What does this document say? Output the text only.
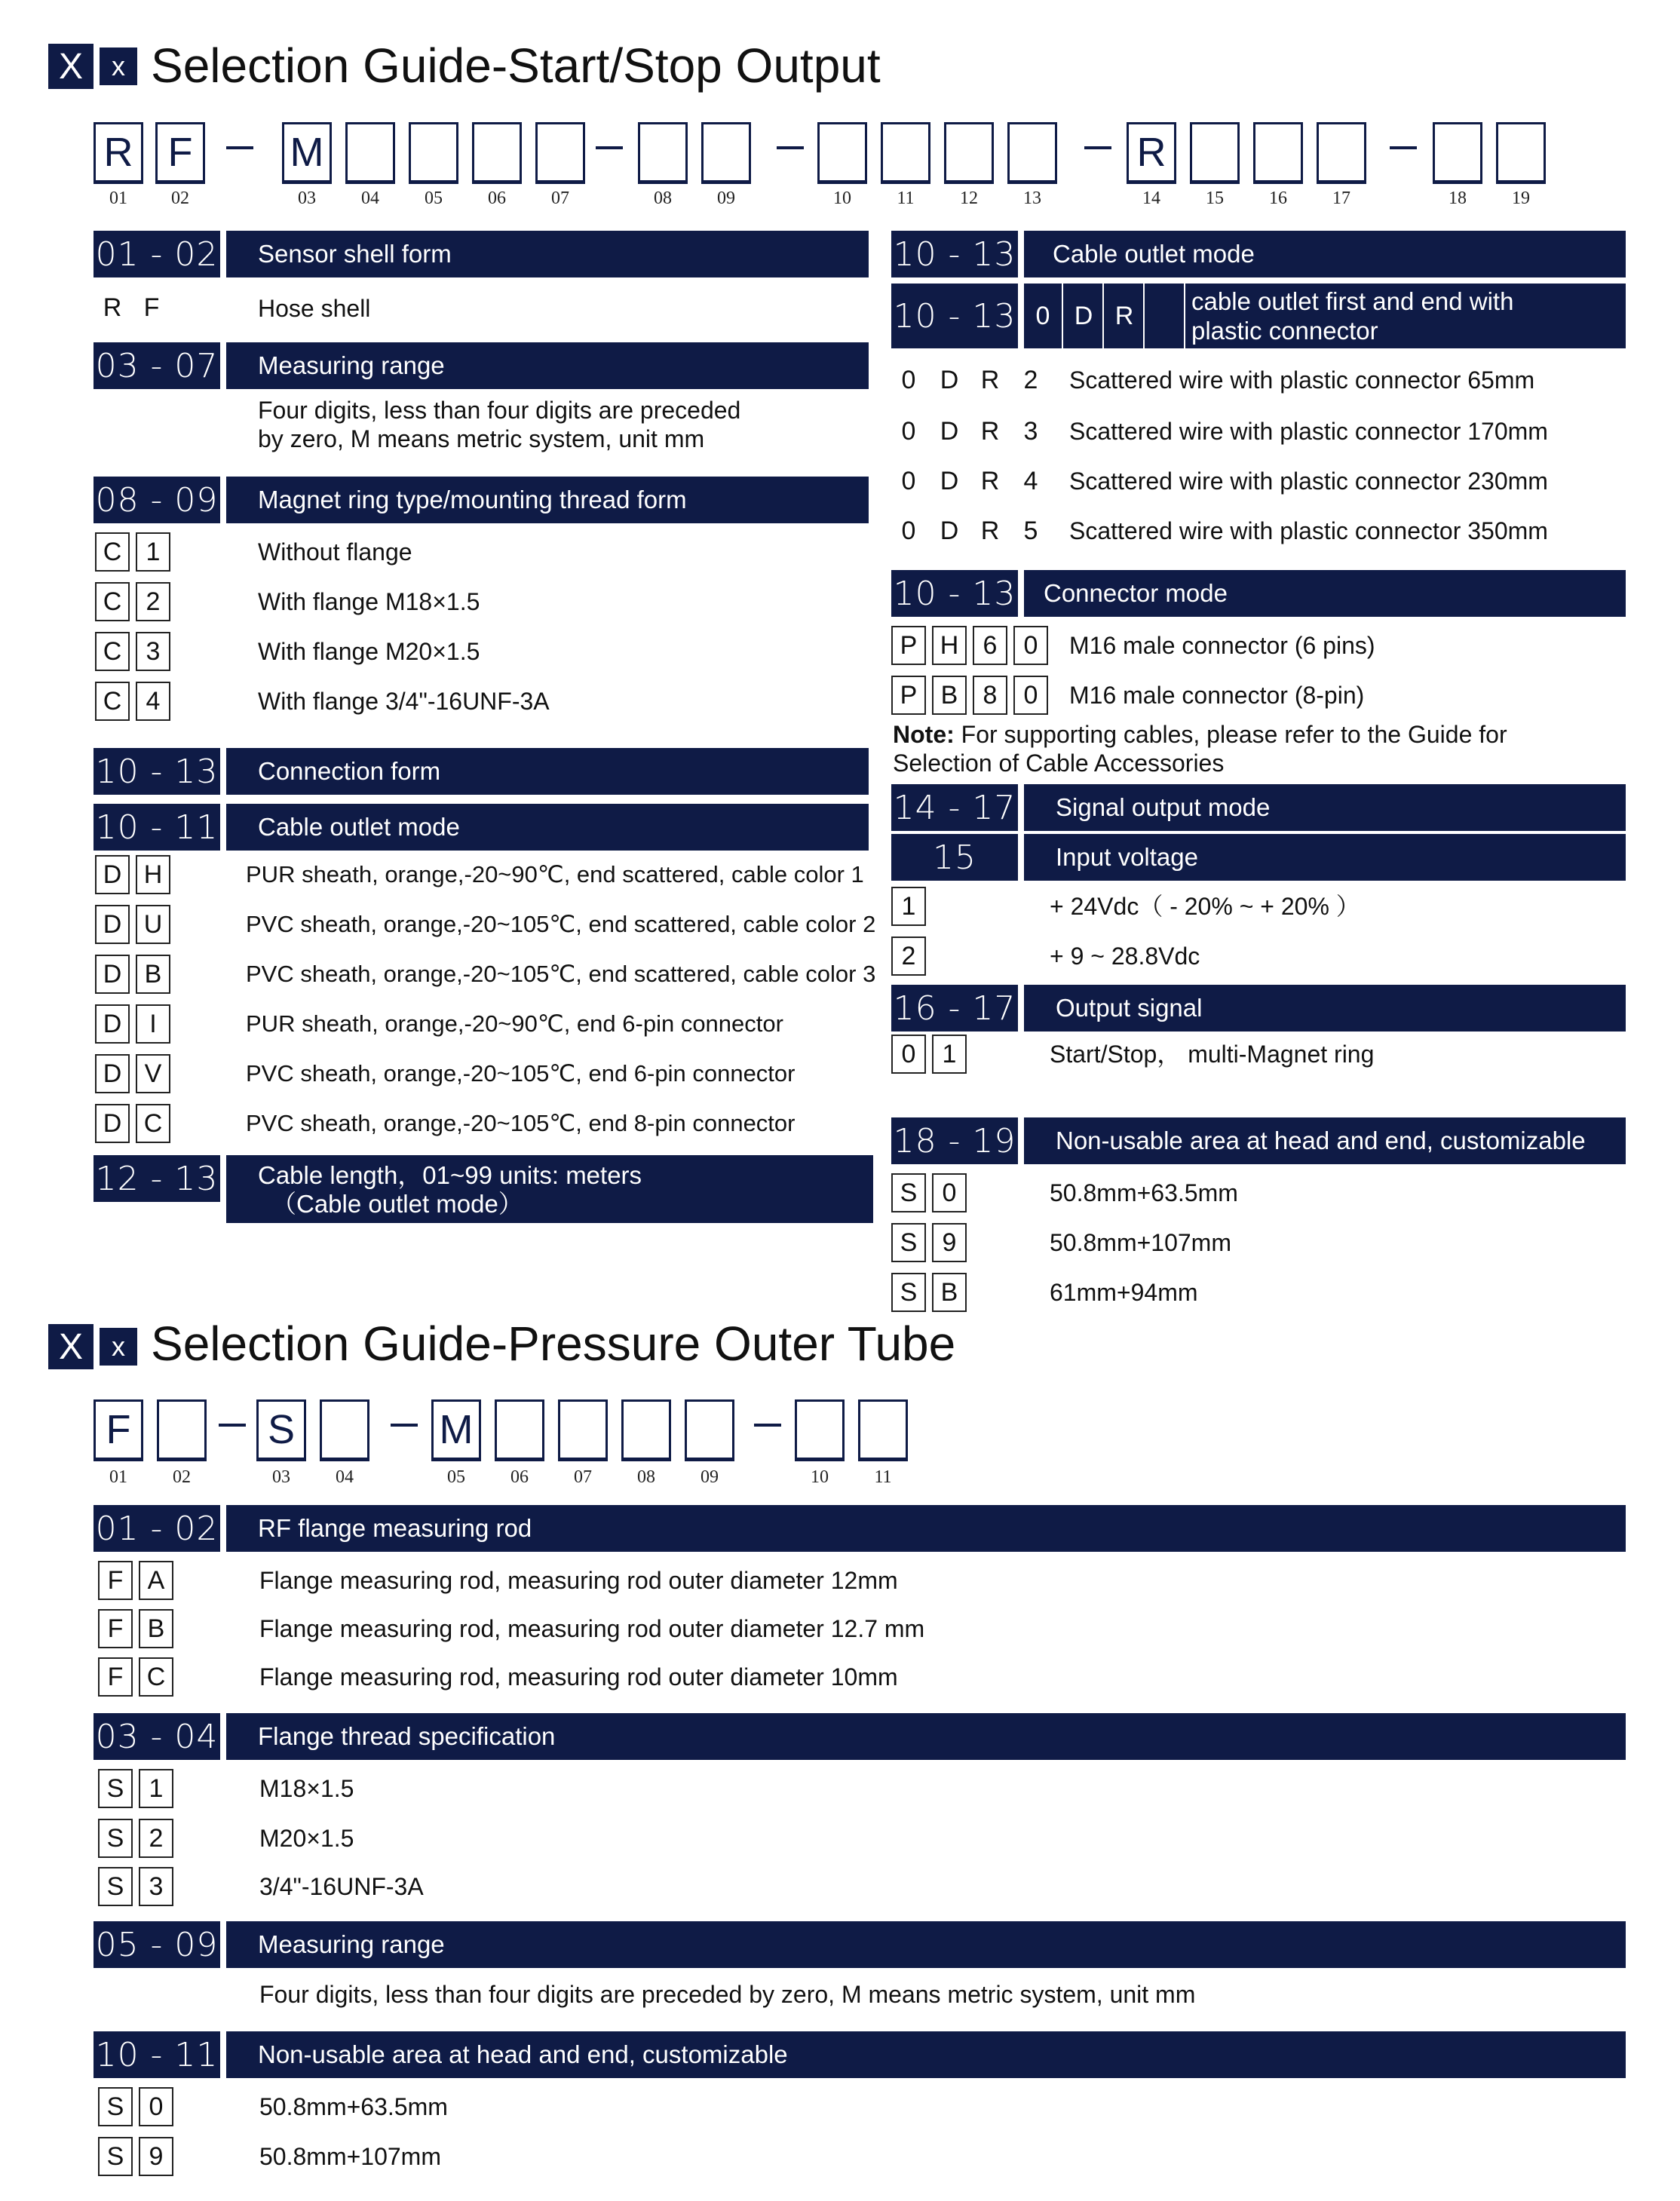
X	x Selection Guide-Start/Stop Output
R
01
F
02
M
03	04	05	06	07	08	09	10	11	12	13
R
14	15	16	17	18	19
01 - 02	Sensor shell form
R F	Hose shell
03 - 07	Measuring range
Four digits, less than four digits are preceded
by zero, M means metric system, unit mm
08 - 09	Magnet ring type/mounting thread form
C 1	Without flange
C 2	With flange M18×1.5
C 3	With flange M20×1.5
C 4	With flange 3/4"-16UNF-3A
10 - 13	Connection form
10 - 11	Cable outlet mode
D H	PUR sheath, orange,-20~90℃, end scattered, cable color 1
D U	PVC sheath, orange,-20~105℃, end scattered, cable color 2
D B	PVC sheath, orange,-20~105℃, end scattered, cable color 3
D	I	PUR sheath, orange,-20~90℃, end 6-pin connector
D V	PVC sheath, orange,-20~105℃, end 6-pin connector
D C	PVC sheath, orange,-20~105℃, end 8-pin connector
12 - 13 Cable length，01~99 units: meters
（Cable outlet mode）
10 - 13	Cable outlet mode
10 - 13 0 D R	cable outlet first and end with
plastic connector
0 D R 2	Scattered wire with plastic connector 65mm
0 D R 3	Scattered wire with plastic connector 170mm
0 D R 4	Scattered wire with plastic connector 230mm
0 D R 5	Scattered wire with plastic connector 350mm
10 - 13	Connector mode
P H 6	0	M16 male connector (6 pins)
P B 8	0	M16 male connector (8-pin)
Note: For supporting cables, please refer to the Guide for
Selection of Cable Accessories
14 - 17	Signal output mode
15	Input voltage
1	+ 24Vdc（ - 20% ~ + 20% ）
2	+ 9 ~ 28.8Vdc
16 - 17	Output signal
0	1	Start/Stop， multi-Magnet ring
18 - 19	Non-usable area at head and end, customizable
S 0	50.8mm+63.5mm
S 9	50.8mm+107mm
S B	61mm+94mm
X	x Selection Guide-Pressure Outer Tube
F
01	02
S
03	04
M
05	06	07	08	09	10	11
01 - 02	RF flange measuring rod
F A	Flange measuring rod, measuring rod outer diameter 12mm
F B	Flange measuring rod, measuring rod outer diameter 12.7 mm
F C	Flange measuring rod, measuring rod outer diameter 10mm
03 - 04	Flange thread specification
S 1	M18×1.5
S 2	M20×1.5
S 3	3/4"-16UNF-3A
05 - 09	Measuring range
Four digits, less than four digits are preceded by zero, M means metric system, unit mm
10 - 11	Non-usable area at head and end, customizable
S 0	50.8mm+63.5mm
S 9	50.8mm+107mm
